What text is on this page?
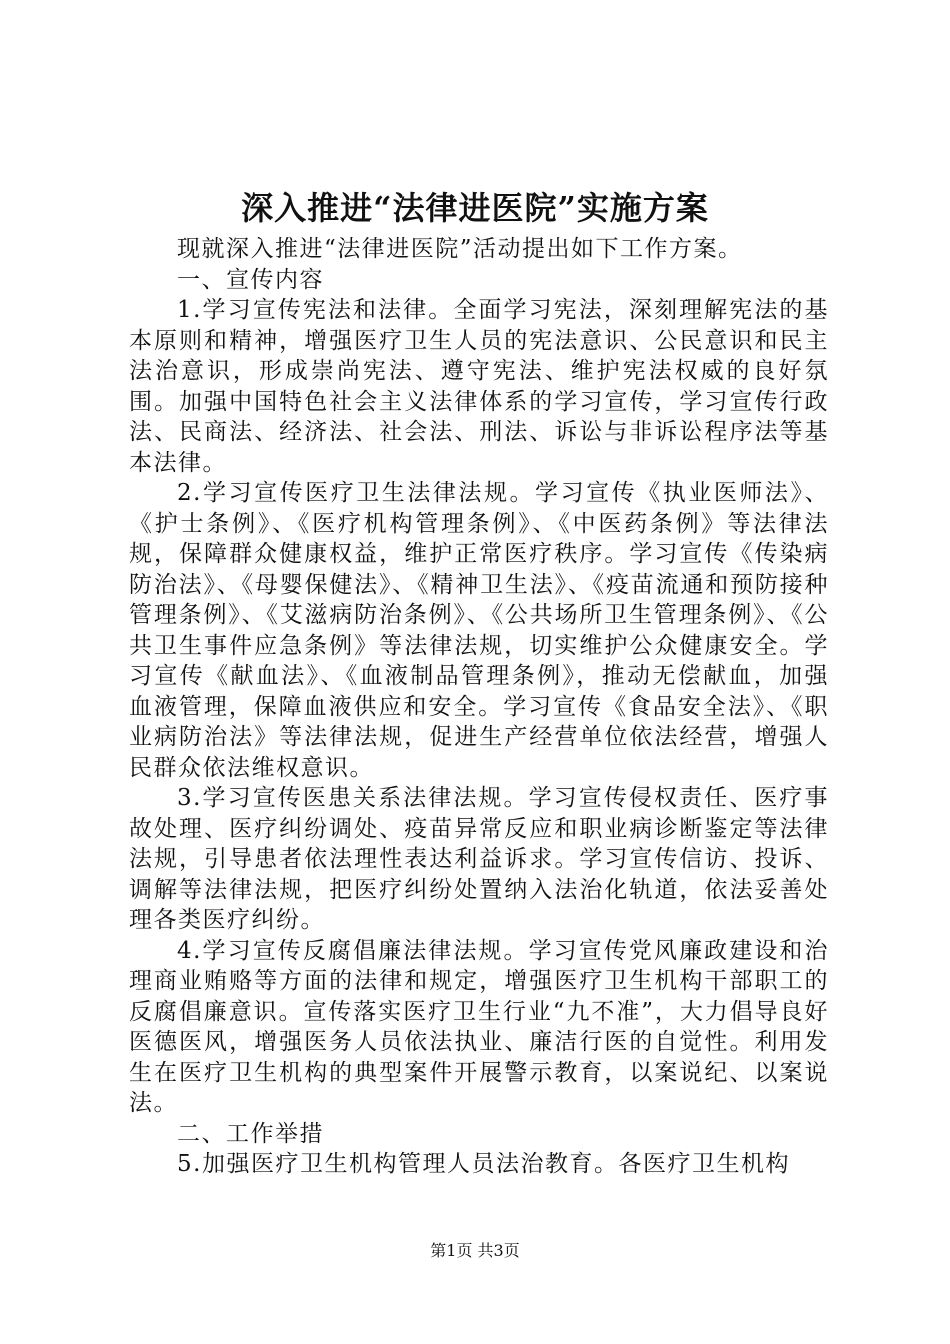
深入推进“法律进医院”实施方案

现就深入推进“法律进医院”活动提出如下工作方案。

一、宣传内容

1.学习宣传宪法和法律。全面学习宪法，深刻理解宪法的基本原则和精神，增强医疗卫生人员的宪法意识、公民意识和民主法治意识，形成崇尚宪法、遵守宪法、维护宪法权威的良好氛围。加强中国特色社会主义法律体系的学习宣传，学习宣传行政法、民商法、经济法、社会法、刑法、诉讼与非诉讼程序法等基本法律。

2.学习宣传医疗卫生法律法规。学习宣传《执业医师法》、《护士条例》、《医疗机构管理条例》、《中医药条例》等法律法规，保障群众健康权益，维护正常医疗秩序。学习宣传《传染病防治法》、《母婴保健法》、《精神卫生法》、《疫苗流通和预防接种管理条例》、《艾滋病防治条例》、《公共场所卫生管理条例》、《公共卫生事件应急条例》等法律法规，切实维护公众健康安全。学习宣传《献血法》、《血液制品管理条例》，推动无偿献血，加强血液管理，保障血液供应和安全。学习宣传《食品安全法》、《职业病防治法》等法律法规，促进生产经营单位依法经营，增强人民群众依法维权意识。

3.学习宣传医患关系法律法规。学习宣传侵权责任、医疗事故处理、医疗纠纷调处、疫苗异常反应和职业病诊断鉴定等法律法规，引导患者依法理性表达利益诉求。学习宣传信访、投诉、调解等法律法规，把医疗纠纷处置纳入法治化轨道，依法妥善处理各类医疗纠纷。

4.学习宣传反腐倡廉法律法规。学习宣传党风廉政建设和治理商业贿赂等方面的法律和规定，增强医疗卫生机构干部职工的反腐倡廉意识。宣传落实医疗卫生行业“九不准”，大力倡导良好医德医风，增强医务人员依法执业、廉洁行医的自觉性。利用发生在医疗卫生机构的典型案件开展警示教育，以案说纪、以案说法。

二、工作举措

5.加强医疗卫生机构管理人员法治教育。各医疗卫生机构

第1页 共3页
